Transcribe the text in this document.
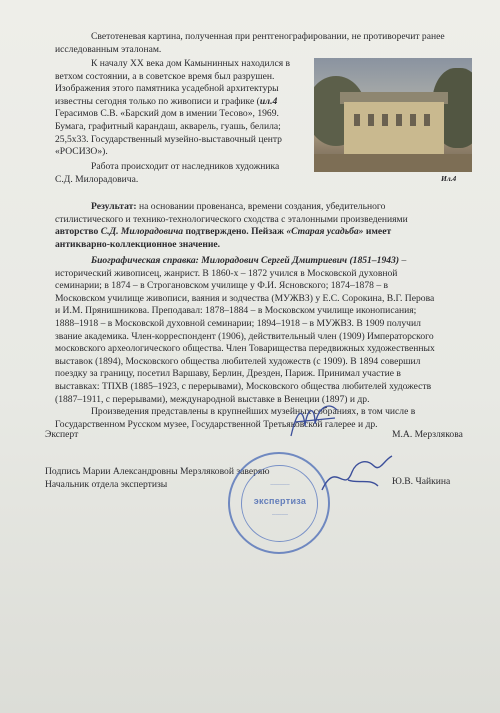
Светотеневая картина, полученная при рентгенографировании, не противоречит ранее
исследованным эталонам.
К началу XX века дом Камынинных находился в
ветхом состоянии, а в советское время был разрушен.
Изображения этого памятника усадебной архитектуры
известны сегодня только по живописи и графике (ил.4
Герасимов С.В. «Барский дом в имении Тесово», 1969.
Бумага, графитный карандаш, акварель, гуашь, белила;
25,5х33. Государственный музейно-выставочный центр
«РОСИЗО»).
Работа происходит от наследников художника
С.Д. Милорадовича.	Ил.4
Результат: на основании провенанса, времени создания, убедительного
стилистического и технико-технологического сходства с эталонными произведениями
авторство С.Д. Милорадовича подтверждено. Пейзаж «Старая усадьба» имеет
антикварно-коллекционное значение.
Биографическая справка: Милорадович Сергей Дмитриевич (1851–1943) –
исторический живописец, жанрист. В 1860-х – 1872 учился в Московской духовной
семинарии; в 1874 – в Строгановском училище у Ф.И. Ясновского; 1874–1878 – в
Московском училище живописи, ваяния и зодчества (МУЖВЗ) у Е.С. Сорокина, В.Г. Перова
и И.М. Прянишникова. Преподавал: 1878–1884 – в Московском училище иконописания;
1888–1918 – в Московской духовной семинарии; 1894–1918 – в МУЖВЗ. В 1909 получил
звание академика. Член-корреспондент (1906), действительный член (1909) Императорского
московского археологического общества. Член Товарищества передвижных художественных
выставок (1894), Московского общества любителей художеств (с 1909). В 1894 совершил
поездку за границу, посетил Варшаву, Берлин, Дрезден, Париж. Принимал участие в
выставках: ТПХВ (1885–1923, с перерывами), Московского общества любителей художеств
(1887–1911, с перерывами), международной выставке в Венеции (1897) и др.
Произведения представлены в крупнейших музейных собраниях, в том числе в
Государственном Русском музее, Государственной Третьяковской галерее и др.
Эксперт	М.А. Мерзлякова
Подпись Марии Александровны Мерзляковой заверяю
Начальник отдела экспертизы	Ю.В. Чайкина
──────
экспертиза
─────
